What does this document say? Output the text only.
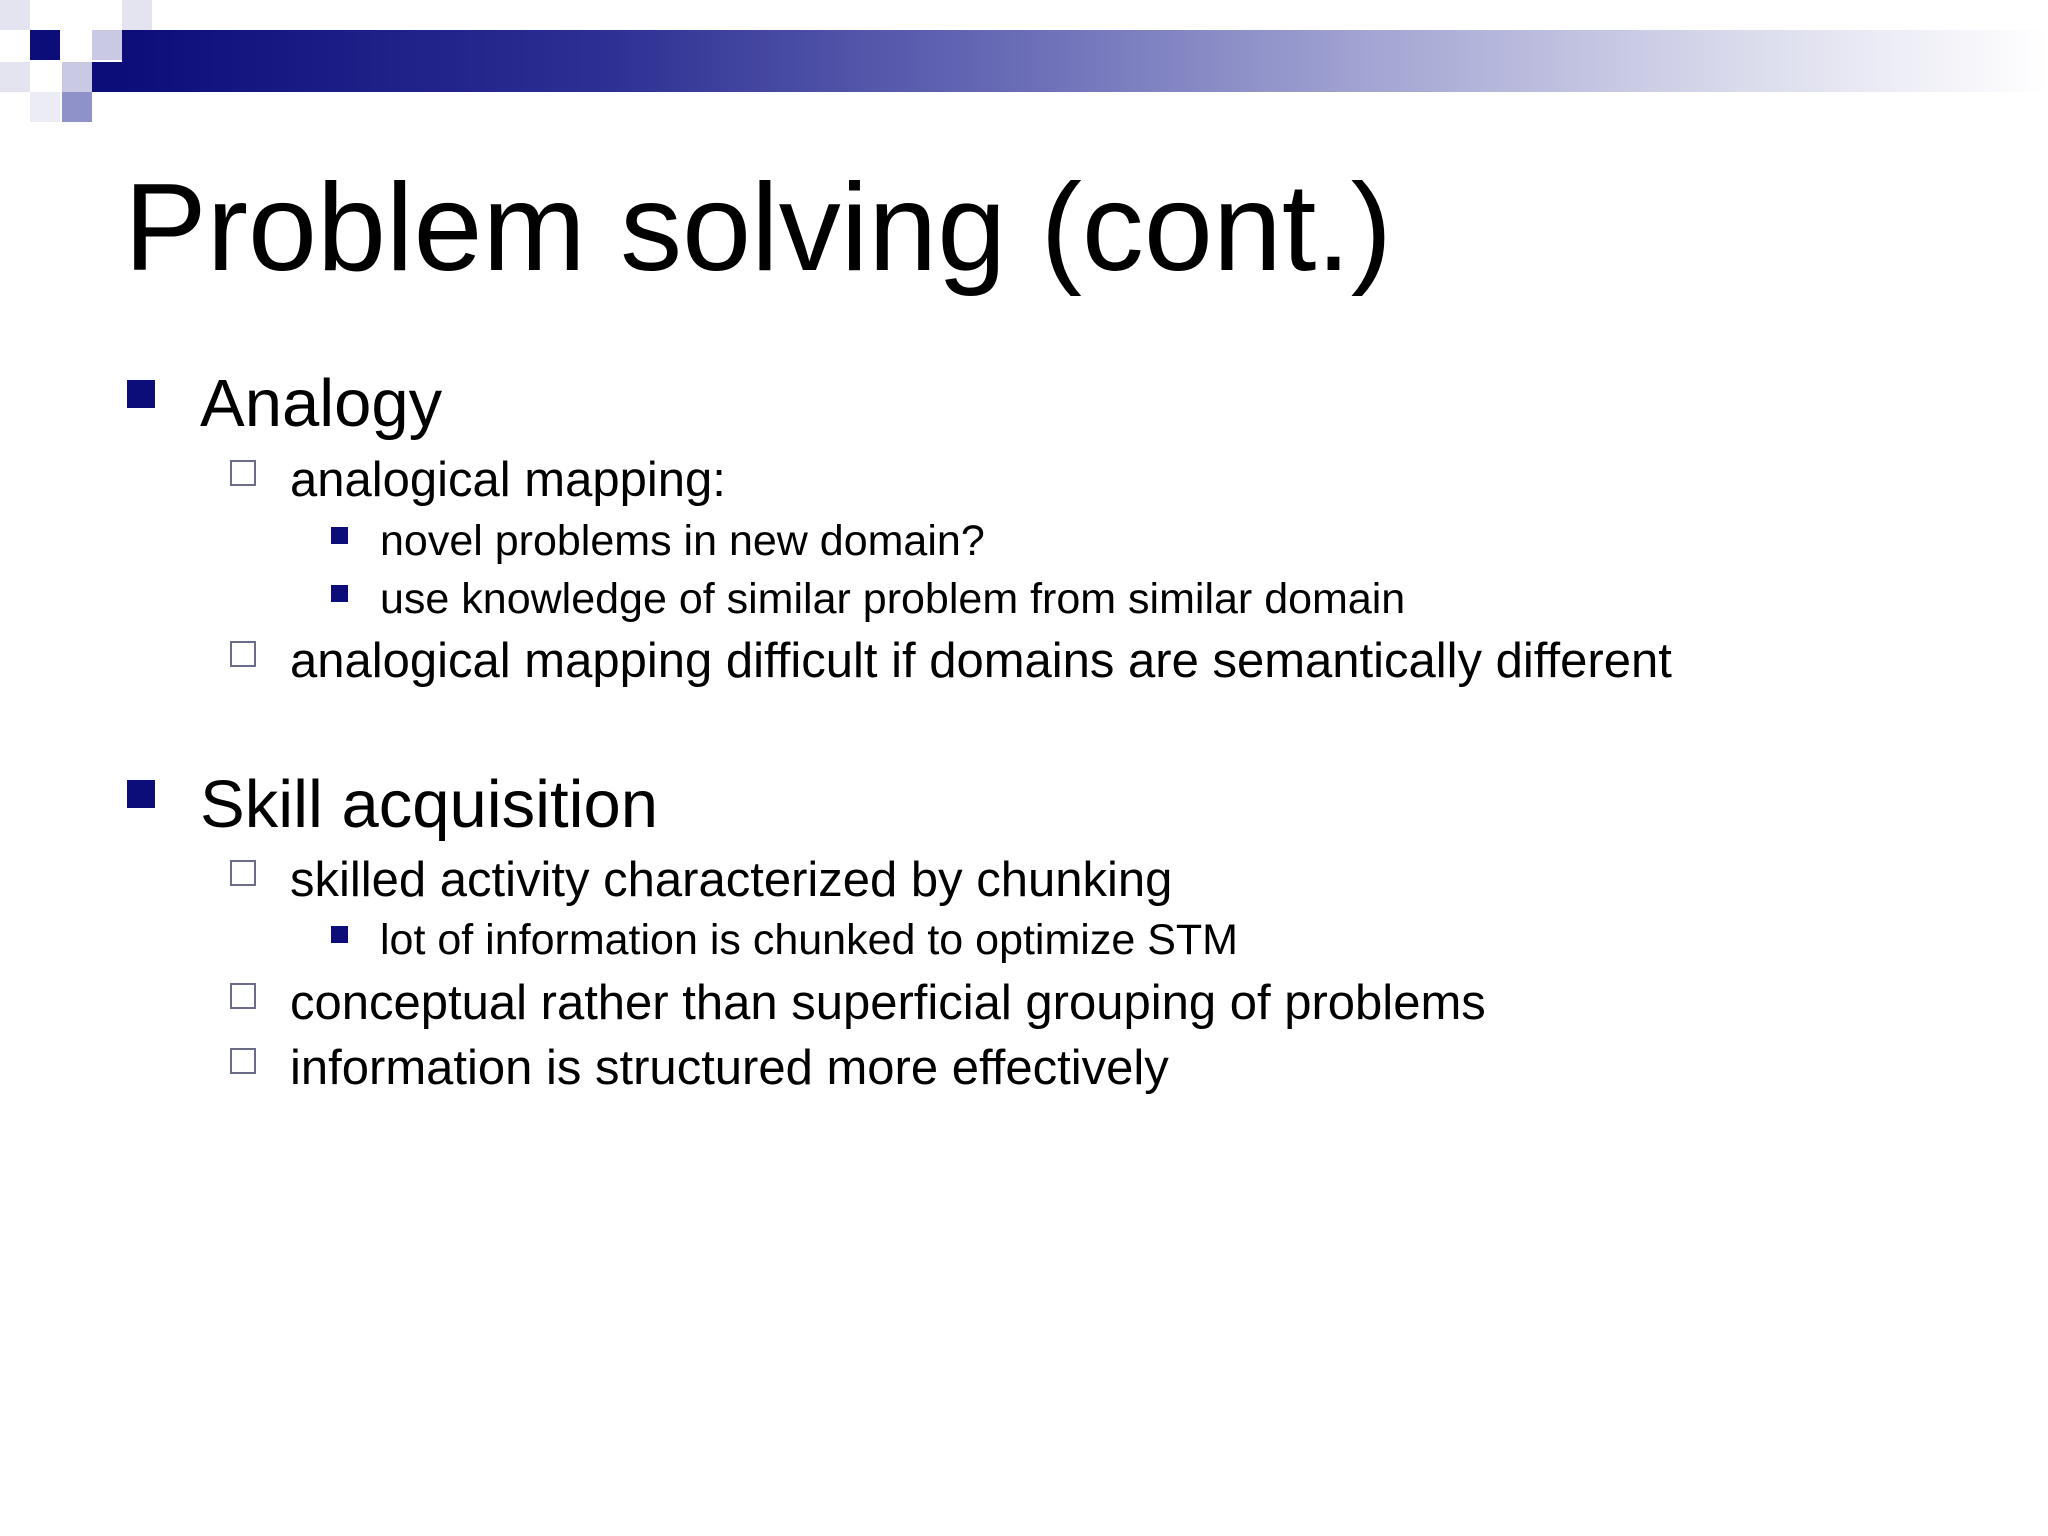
Problem solving (cont.)
Analogy
analogical mapping:
novel problems in new domain?
use knowledge of similar problem from similar domain
analogical mapping difficult if domains are semantically different
Skill acquisition
skilled activity characterized by chunking
lot of information is chunked to optimize STM
conceptual rather than superficial grouping of problems
information is structured more effectively
